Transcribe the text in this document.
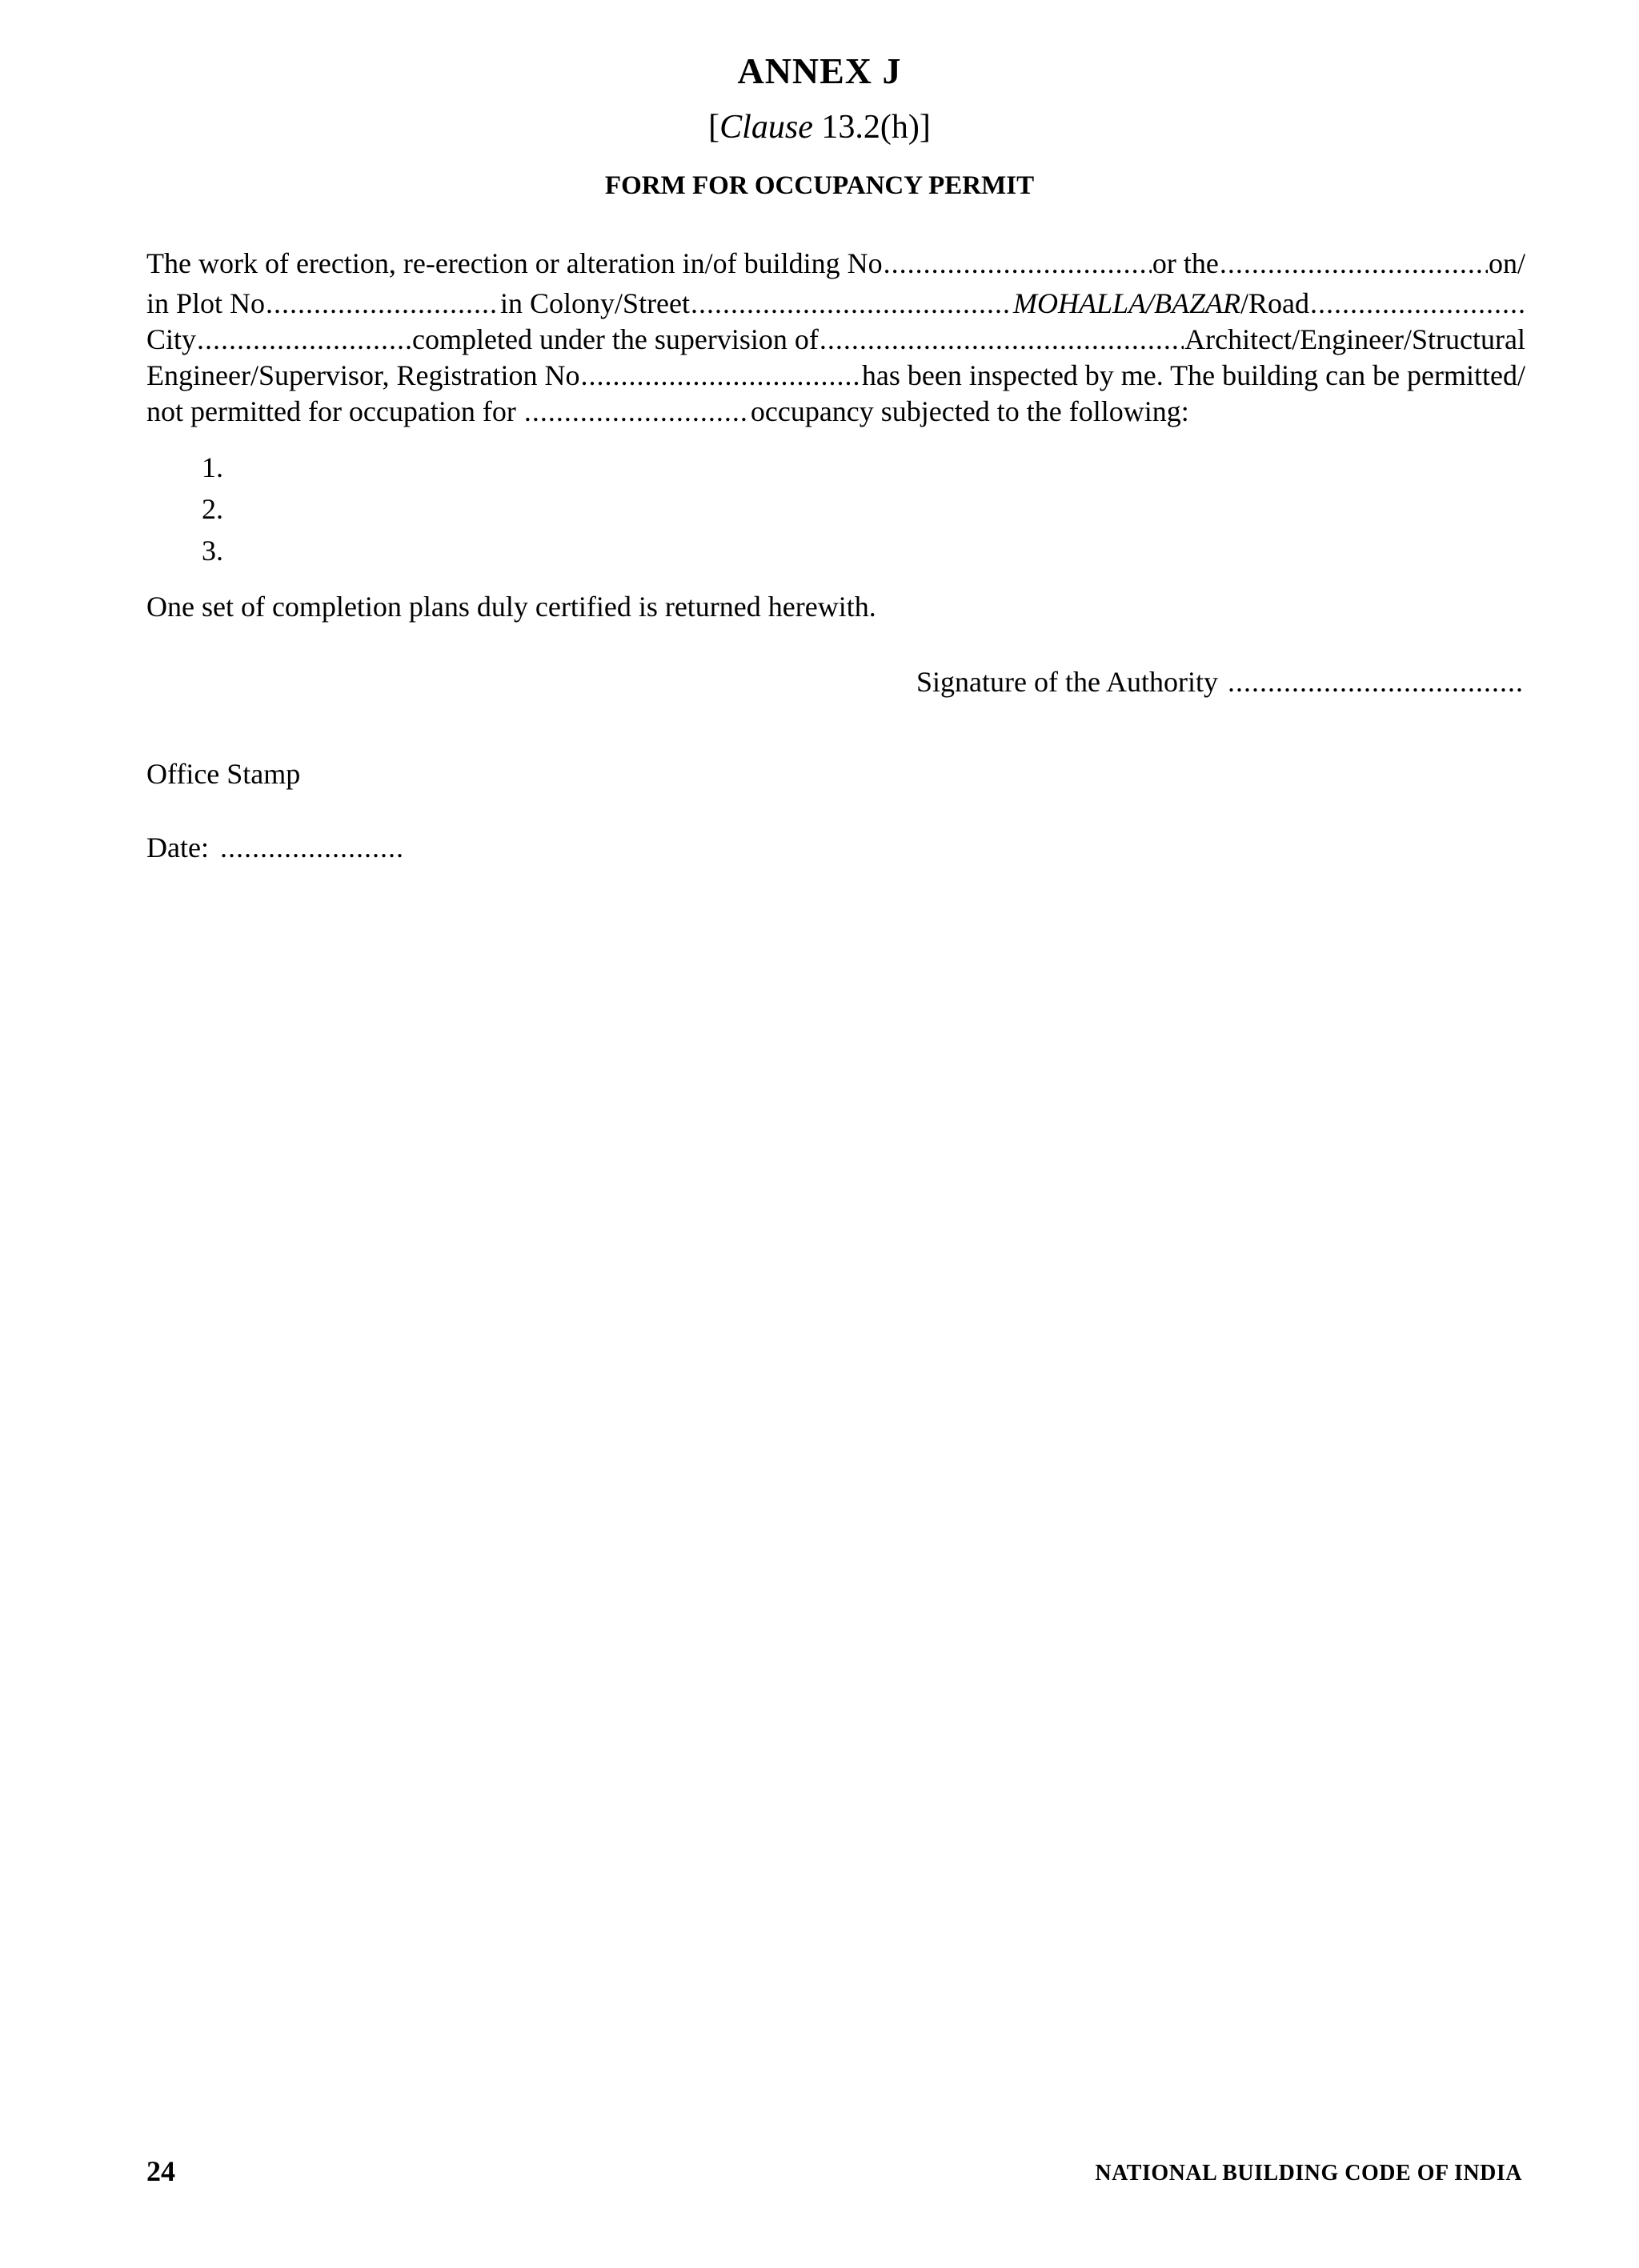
ANNEX J
[Clause 13.2(h)]
FORM FOR OCCUPANCY PERMIT
The work of erection, re-erection or alteration in/of building No .....	or the .....	on/
in Plot No .....	in Colony/Street .....	MOHALLA/BAZAR /Road
.....
City .....	completed under the supervision of .....	Architect/Engineer/Structural
Engineer/Supervisor, Registration No .....	has been inspected by me. The building can be permitted/
not permitted for occupation for .....	occupancy subjected to the following:
1.
2.
3.
One set of completion plans duly certified is returned herewith.
Signature of the Authority
.....
Office Stamp
Date:
.....
24	NATIONAL BUILDING CODE OF INDIA
